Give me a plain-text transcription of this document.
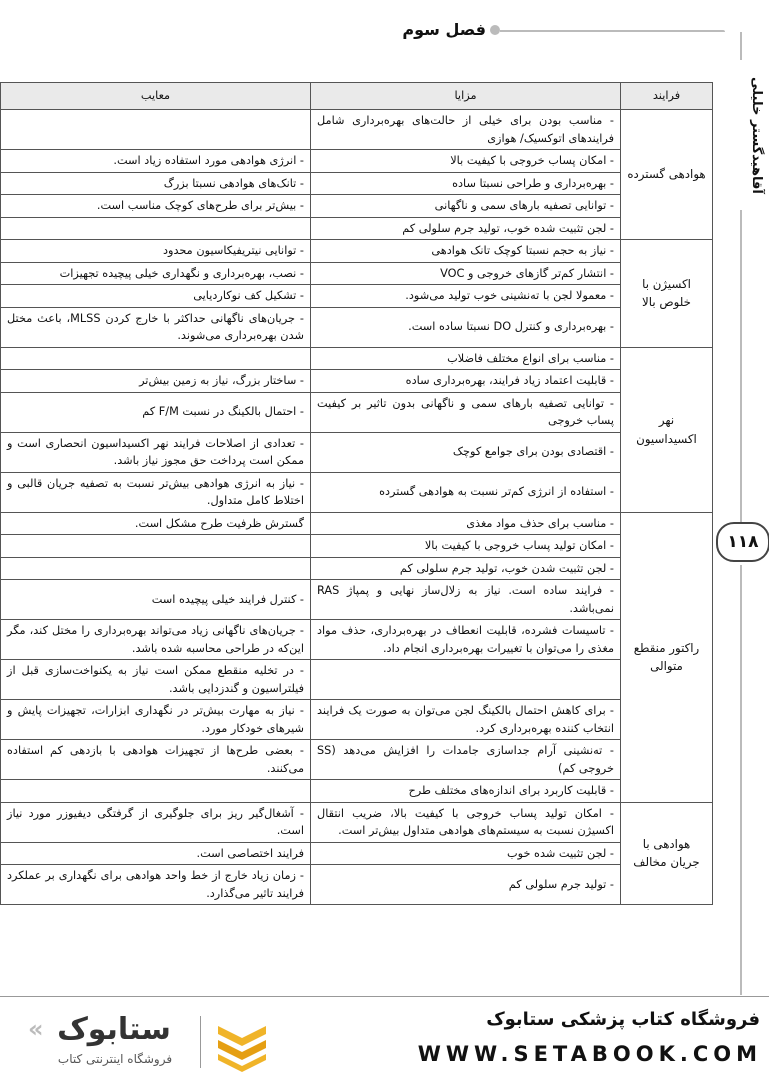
فصل سوم
آقاهیدگستر خلیلی
۱۱۸
فرایند	مزایا	معایب
هوادهی گسترده	- مناسب بودن برای خیلی از حالت‌های بهره‌برداری شامل فرایندهای اتوکسیک/ هوازی	
	- امکان پساب خروجی با کیفیت بالا	- انرژی هوادهی مورد استفاده زیاد است.
	- بهره‌برداری و طراحی نسبتا ساده	- تانک‌های هوادهی نسبتا بزرگ
	- توانایی تصفیه بارهای سمی و ناگهانی	- بیش‌تر برای طرح‌های کوچک مناسب است.
	- لجن تثبیت شده خوب، تولید جرم سلولی کم	
اکسیژن با خلوص بالا	- نیاز به حجم نسبتا کوچک تانک هوادهی	- توانایی نیتریفیکاسیون محدود
	- انتشار کم‌تر گازهای خروجی و VOC	- نصب، بهره‌برداری و نگهداری خیلی پیچیده تجهیزات
	- معمولا لجن با ته‌نشینی خوب تولید می‌شود.	- تشکیل کف نوکاردیایی
	- بهره‌برداری و کنترل DO نسبتا ساده است.	- جریان‌های ناگهانی حداکثر با خارج کردن MLSS، باعث مختل شدن بهره‌برداری می‌شوند.
نهر اکسیداسیون	- مناسب برای انواع مختلف فاضلاب	
	- قابلیت اعتماد زیاد فرایند، بهره‌برداری ساده	- ساختار بزرگ، نیاز به زمین بیش‌تر
	- توانایی تصفیه بارهای سمی و ناگهانی بدون تاثیر بر کیفیت پساب خروجی	- احتمال بالکینگ در نسبت F/M کم
	- اقتصادی بودن برای جوامع کوچک	- تعدادی از اصلاحات فرایند نهر اکسیداسیون انحصاری است و ممکن است پرداخت حق مجوز نیاز باشد.
	- استفاده از انرژی کم‌تر نسبت به هوادهی گسترده	- نیاز به انرژی هوادهی بیش‌تر نسبت به تصفیه جریان قالبی و اختلاط کامل متداول.
راکتور منقطع متوالی	- مناسب برای حذف مواد مغذی	گسترش ظرفیت طرح مشکل است.
	- امکان تولید پساب خروجی با کیفیت بالا	
	- لجن تثبیت شدن خوب، تولید جرم سلولی کم	
	- فرایند ساده است. نیاز به زلال‌ساز نهایی و پمپاژ RAS نمی‌باشد.	- کنترل فرایند خیلی پیچیده است
	- تاسیسات فشرده، قابلیت انعطاف در بهره‌برداری، حذف مواد مغذی را می‌توان با تغییرات بهره‌برداری انجام داد.	- جریان‌های ناگهانی زیاد می‌تواند بهره‌برداری را مختل کند، مگر این‌که در طراحی محاسبه شده باشد.
		- در تخلیه منقطع ممکن است نیاز به یکنواخت‌سازی قبل از فیلتراسیون و گندزدایی باشد.
	- برای کاهش احتمال بالکینگ لجن می‌توان به صورت یک فرایند انتخاب کننده بهره‌برداری کرد.	- نیاز به مهارت بیش‌تر در نگهداری ابزارات، تجهیزات پایش و شیرهای خودکار مورد.
	- ته‌نشینی آرام جداسازی جامدات را افزایش می‌دهد (SS خروجی کم)	- بعضی طرح‌ها از تجهیزات هوادهی با بازدهی کم استفاده می‌کنند.
	- قابلیت کاربرد برای اندازه‌های مختلف طرح	
هوادهی با جریان مخالف	- امکان تولید پساب خروجی با کیفیت بالا، ضریب انتقال اکسیژن نسبت به سیستم‌های هوادهی متداول بیش‌تر است.	- آشغال‌گیر ریز برای جلوگیری از گرفتگی دیفیوزر مورد نیاز است.
	- لجن تثبیت شده خوب	فرایند اختصاصی است.
	- تولید جرم سلولی کم	- زمان زیاد خارج از خط واحد هوادهی برای نگهداری بر عملکرد فرایند تاثیر می‌گذارد.
فروشگاه کتاب پزشکی ستابوک
WWW.SETABOOK.COM
ستابوک
فروشگاه اینترنتی کتاب
«
